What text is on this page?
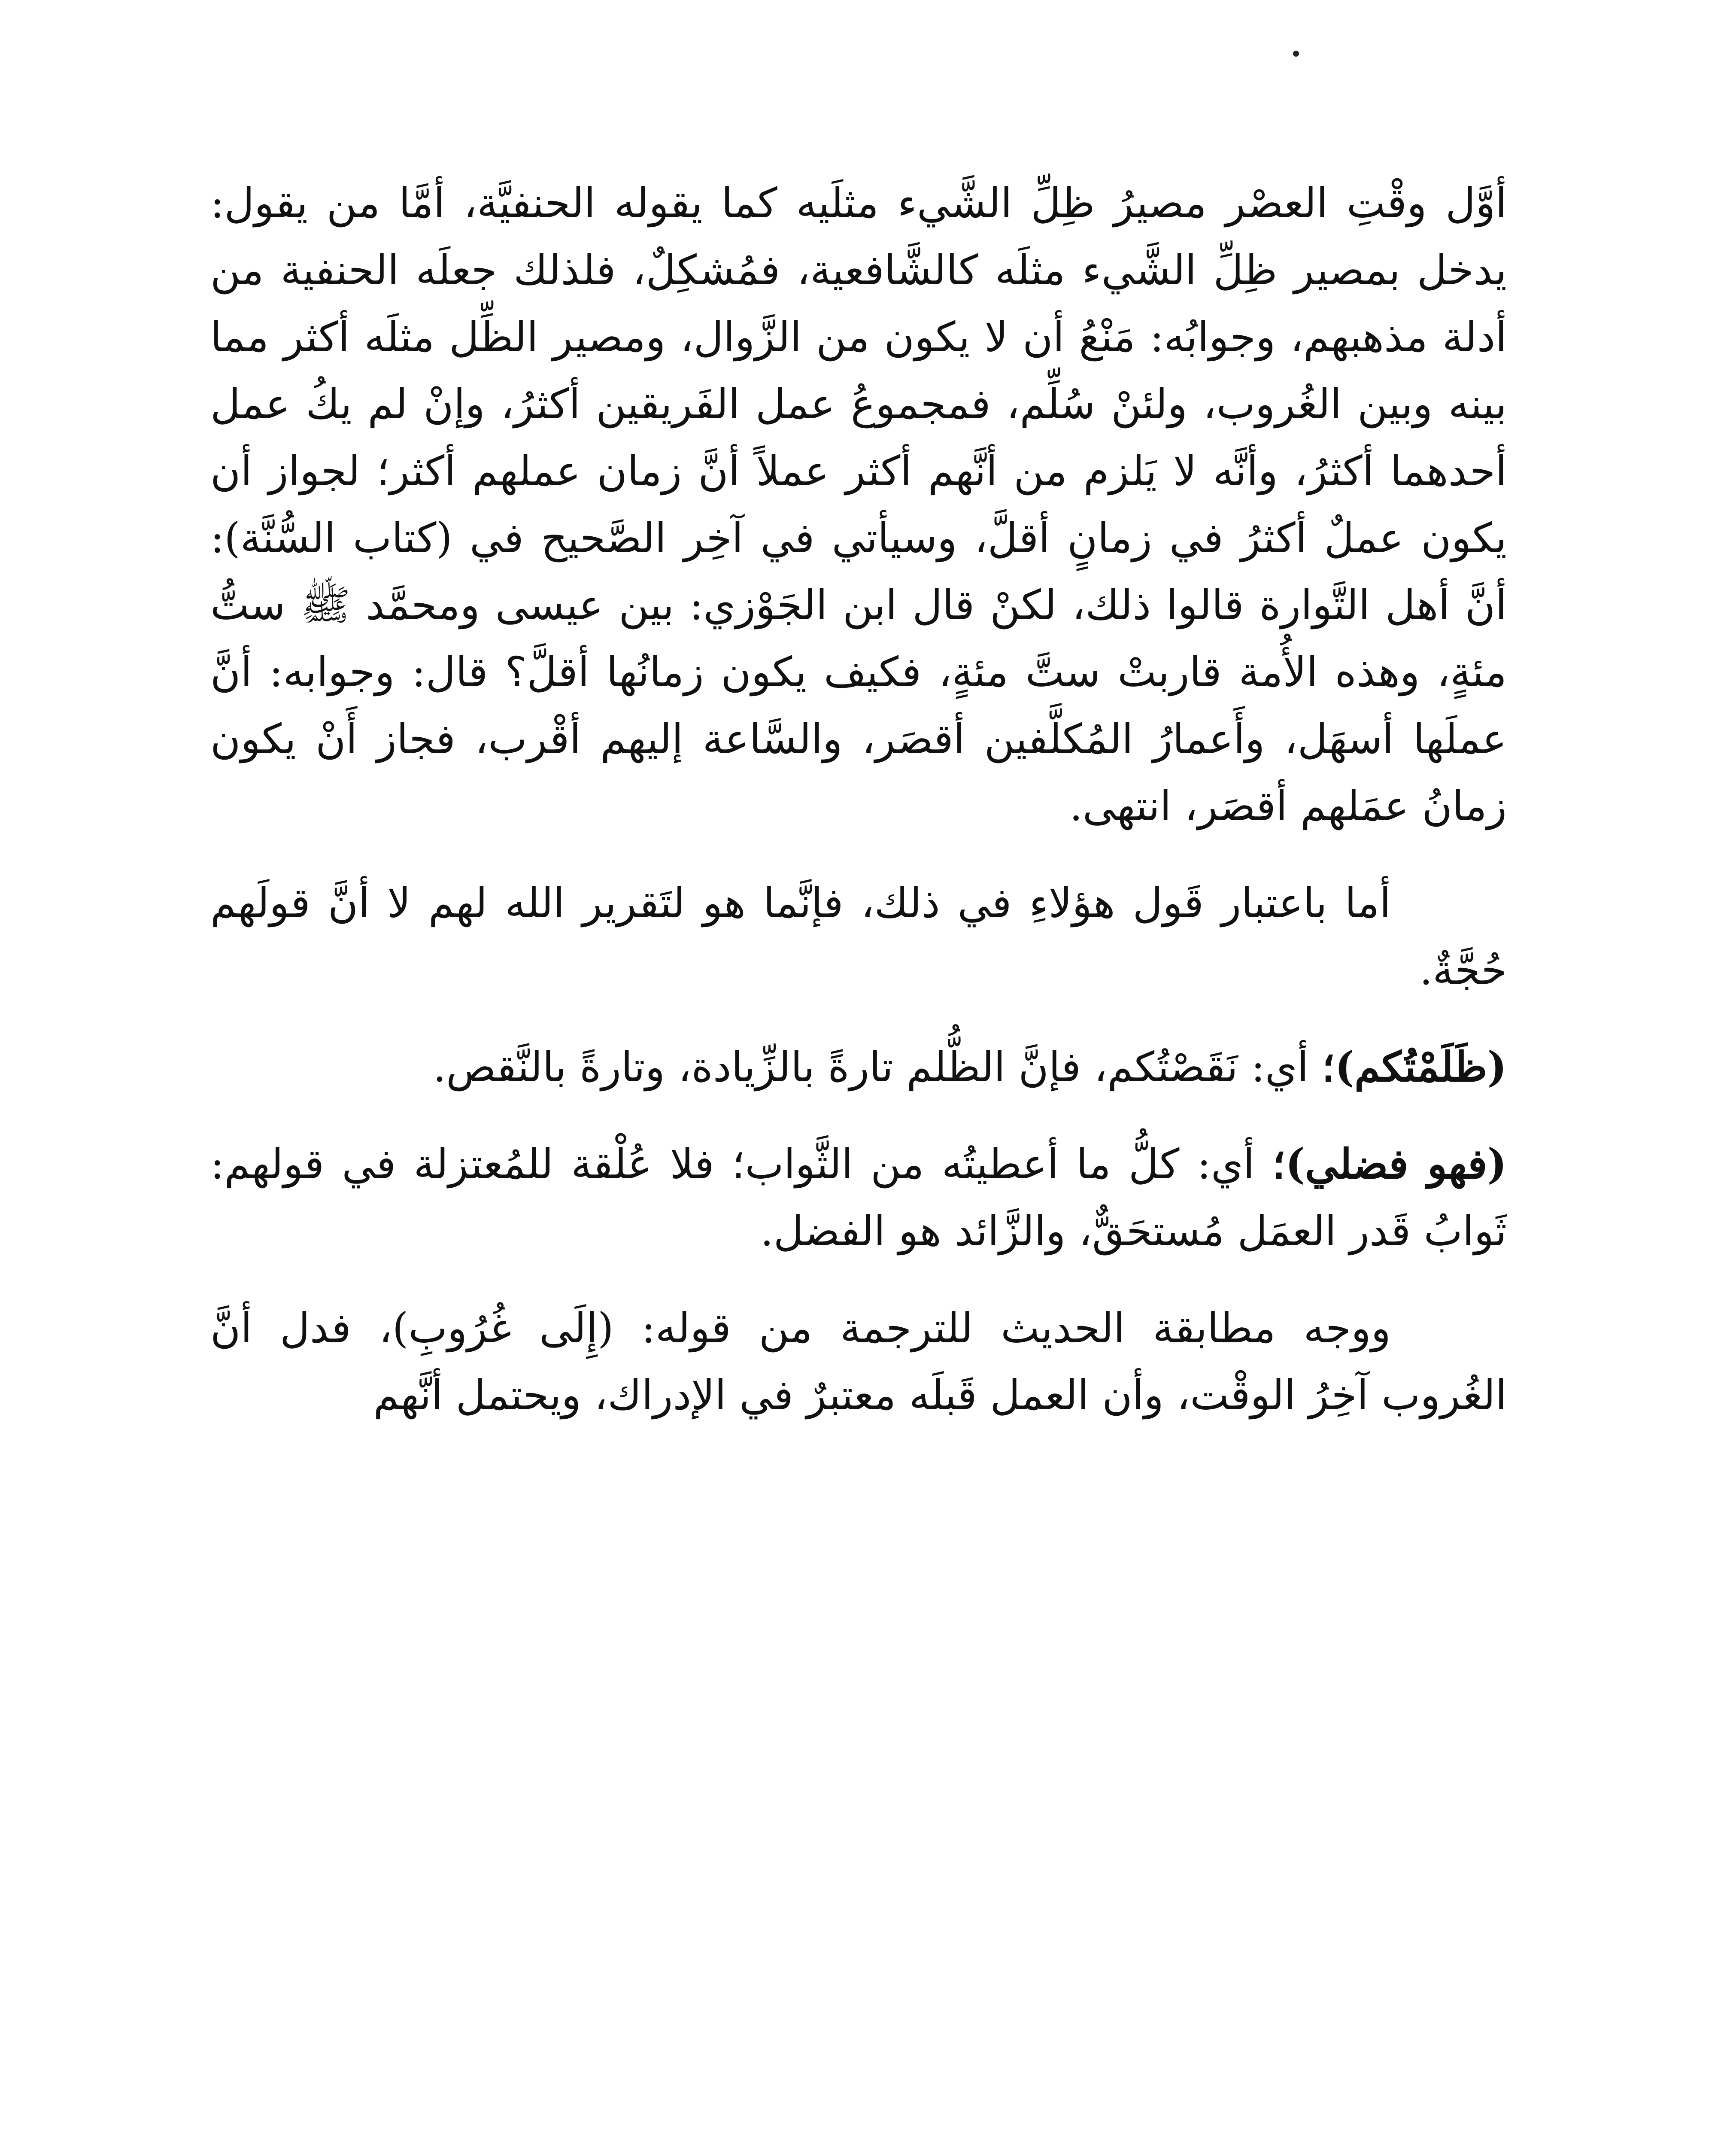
أوَّل وقْتِ العصْر مصيرُ ظِلِّ الشَّيء مثلَيه كما يقوله الحنفيَّة، أمَّا من يقول: يدخل بمصير ظِلِّ الشَّيء مثلَه كالشَّافعية، فمُشكِلٌ، فلذلك جعلَه الحنفية من أدلة مذهبهم، وجوابُه: مَنْعُ أن لا يكون من الزَّوال، ومصير الظِّل مثلَه أكثر مما بينه وبين الغُروب، ولئنْ سُلِّم، فمجموعُ عمل الفَريقين أكثرُ، وإنْ لم يكُ عمل أحدهما أكثرُ، وأنَّه لا يَلزم من أنَّهم أكثر عملاً أنَّ زمان عملهم أكثر؛ لجواز أن يكون عملٌ أكثرُ في زمانٍ أقلَّ، وسيأتي في آخِر الصَّحيح في (كتاب السُّنَّة): أنَّ أهل التَّوارة قالوا ذلك، لكنْ قال ابن الجَوْزي: بين عيسى ومحمَّد ﷺ ستُّ مئةٍ، وهذه الأُمة قاربتْ ستَّ مئةٍ، فكيف يكون زمانُها أقلَّ؟ قال: وجوابه: أنَّ عملَها أسهَل، وأَعمارُ المُكلَّفين أقصَر، والسَّاعة إليهم أقْرب، فجاز أَنْ يكون زمانُ عمَلهم أقصَر، انتهى.

أما باعتبار قَول هؤلاءِ في ذلك، فإنَّما هو لتَقرير الله لهم لا أنَّ قولَهم حُجَّةٌ.

(ظَلَمْتُكم)؛ أي: نَقَصْتُكم، فإنَّ الظُّلم تارةً بالزِّيادة، وتارةً بالنَّقص.

(فهو فضلي)؛ أي: كلُّ ما أعطيتُه من الثَّواب؛ فلا عُلْقة للمُعتزلة في قولهم: ثَوابُ قَدر العمَل مُستحَقٌّ، والزَّائد هو الفضل.

ووجه مطابقة الحديث للترجمة من قوله: (إِلَى غُرُوبِ)، فدل أنَّ الغُروب آخِرُ الوقْت، وأن العمل قَبلَه معتبرٌ في الإدراك، ويحتمل أنَّهم
